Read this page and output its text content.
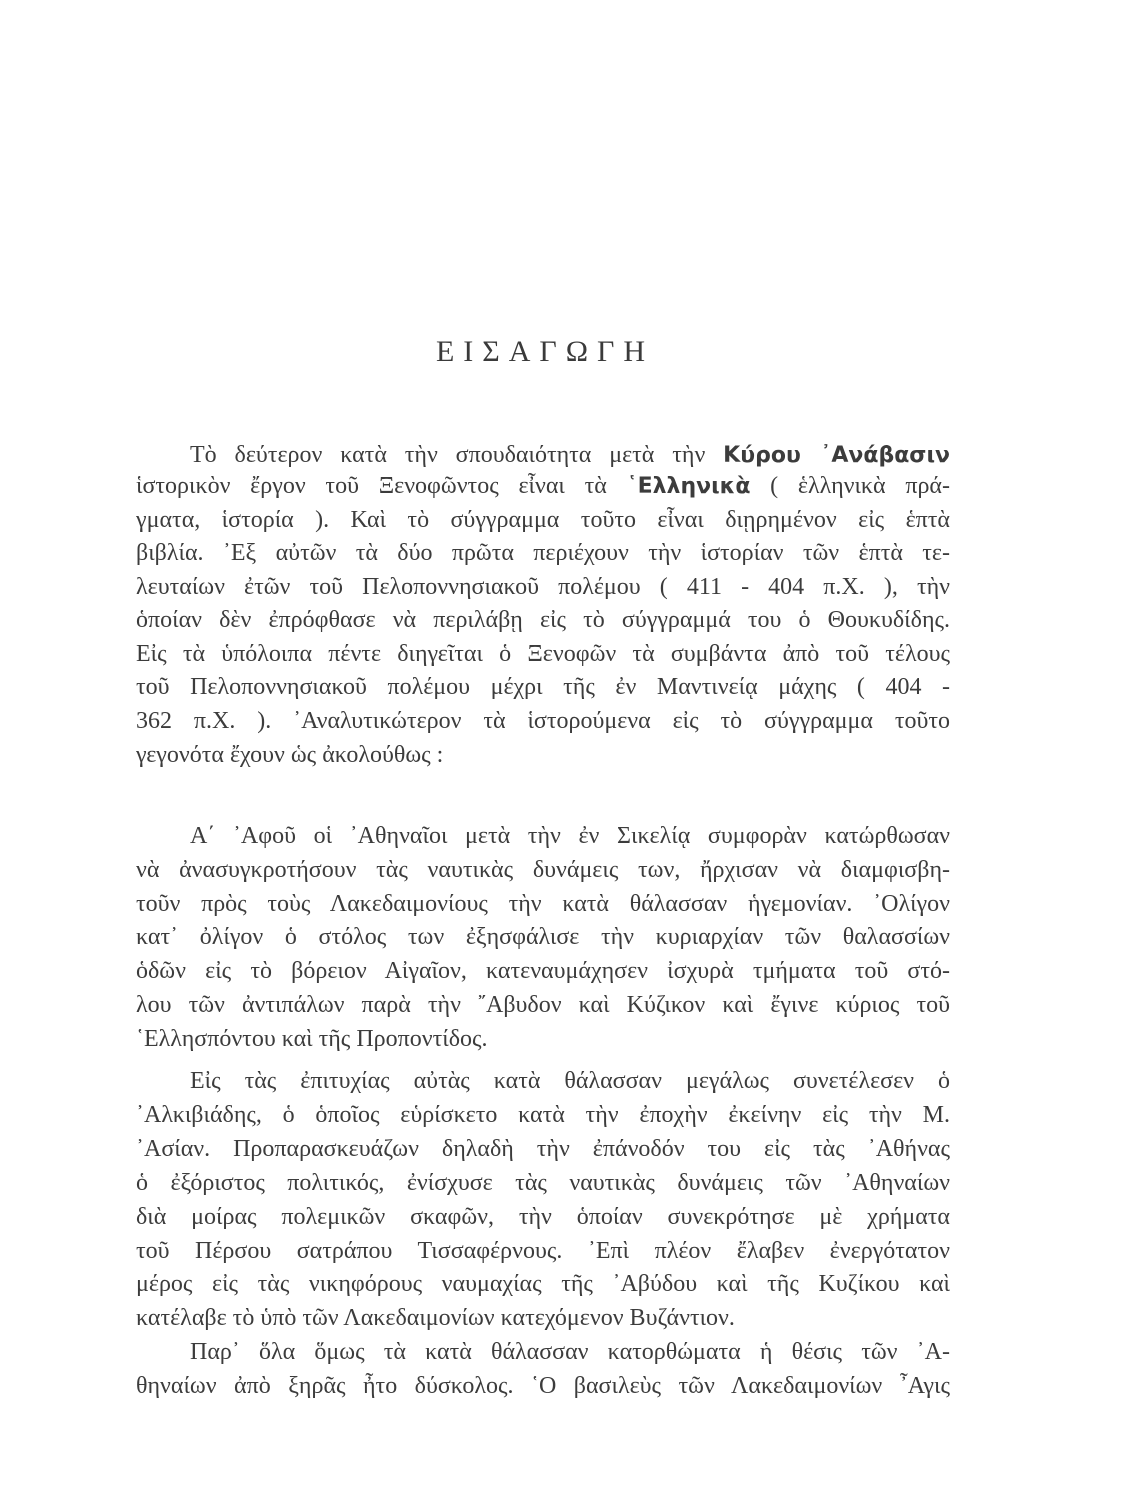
ΕΙΣΑΓΩΓΗ
Τὸ δεύτερον κατὰ τὴν σπουδαιότητα μετὰ τὴν Κύρου ᾿Ανάβασιν
ἱστορικὸν ἔργον τοῦ Ξενοφῶντος εἶναι τὰ ῾Ελληνικὰ ( ἑλληνικὰ πρά-
γματα, ἱστορία ). Καὶ τὸ σύγγραμμα τοῦτο εἶναι διῃρημένον εἰς ἑπτὰ
βιβλία. ᾿Εξ αὐτῶν τὰ δύο πρῶτα περιέχουν τὴν ἱστορίαν τῶν ἑπτὰ τε-
λευταίων ἐτῶν τοῦ Πελοποννησιακοῦ πολέμου ( 411 - 404 π.Χ. ), τὴν
ὁποίαν δὲν ἐπρόφθασε νὰ περιλάβῃ εἰς τὸ σύγγραμμά του ὁ Θουκυδίδης.
Εἰς τὰ ὑπόλοιπα πέντε διηγεῖται ὁ Ξενοφῶν τὰ συμβάντα ἀπὸ τοῦ τέλους
τοῦ Πελοποννησιακοῦ πολέμου μέχρι τῆς ἐν Μαντινείᾳ μάχης ( 404 -
362 π.Χ. ). ᾿Αναλυτικώτερον τὰ ἱστορούμενα εἰς τὸ σύγγραμμα τοῦτο
γεγονότα ἔχουν ὡς ἀκολούθως :
Α΄ ᾿Αφοῦ οἱ ᾿Αθηναῖοι μετὰ τὴν ἐν Σικελίᾳ συμφορὰν κατώρθωσαν
νὰ ἀνασυγκροτήσουν τὰς ναυτικὰς δυνάμεις των, ἤρχισαν νὰ διαμφισβη-
τοῦν πρὸς τοὺς Λακεδαιμονίους τὴν κατὰ θάλασσαν ἡγεμονίαν. ᾿Ολίγον
κατ᾿ ὀλίγον ὁ στόλος των ἐξησφάλισε τὴν κυριαρχίαν τῶν θαλασσίων
ὁδῶν εἰς τὸ βόρειον Αἰγαῖον, κατεναυμάχησεν ἰσχυρὰ τμήματα τοῦ στό-
λου τῶν ἀντιπάλων παρὰ τὴν ῎Αβυδον καὶ Κύζικον καὶ ἔγινε κύριος τοῦ
῾Ελλησπόντου καὶ τῆς Προποντίδος.
Εἰς τὰς ἐπιτυχίας αὐτὰς κατὰ θάλασσαν μεγάλως συνετέλεσεν ὁ
᾿Αλκιβιάδης, ὁ ὁποῖος εὑρίσκετο κατὰ τὴν ἐποχὴν ἐκείνην εἰς τὴν Μ.
᾿Ασίαν. Προπαρασκευάζων δηλαδὴ τὴν ἐπάνοδόν του εἰς τὰς ᾿Αθήνας
ὁ ἐξόριστος πολιτικός, ἐνίσχυσε τὰς ναυτικὰς δυνάμεις τῶν ᾿Αθηναίων
διὰ μοίρας πολεμικῶν σκαφῶν, τὴν ὁποίαν συνεκρότησε μὲ χρήματα
τοῦ Πέρσου σατράπου Τισσαφέρνους. ᾿Επὶ πλέον ἔλαβεν ἐνεργότατον
μέρος εἰς τὰς νικηφόρους ναυμαχίας τῆς ᾿Αβύδου καὶ τῆς Κυζίκου καὶ
κατέλαβε τὸ ὑπὸ τῶν Λακεδαιμονίων κατεχόμενον Βυζάντιον.
Παρ᾿ ὅλα ὅμως τὰ κατὰ θάλασσαν κατορθώματα ἡ θέσις τῶν ᾿Α-
θηναίων ἀπὸ ξηρᾶς ἦτο δύσκολος. ῾Ο βασιλεὺς τῶν Λακεδαιμονίων ῏Αγις
